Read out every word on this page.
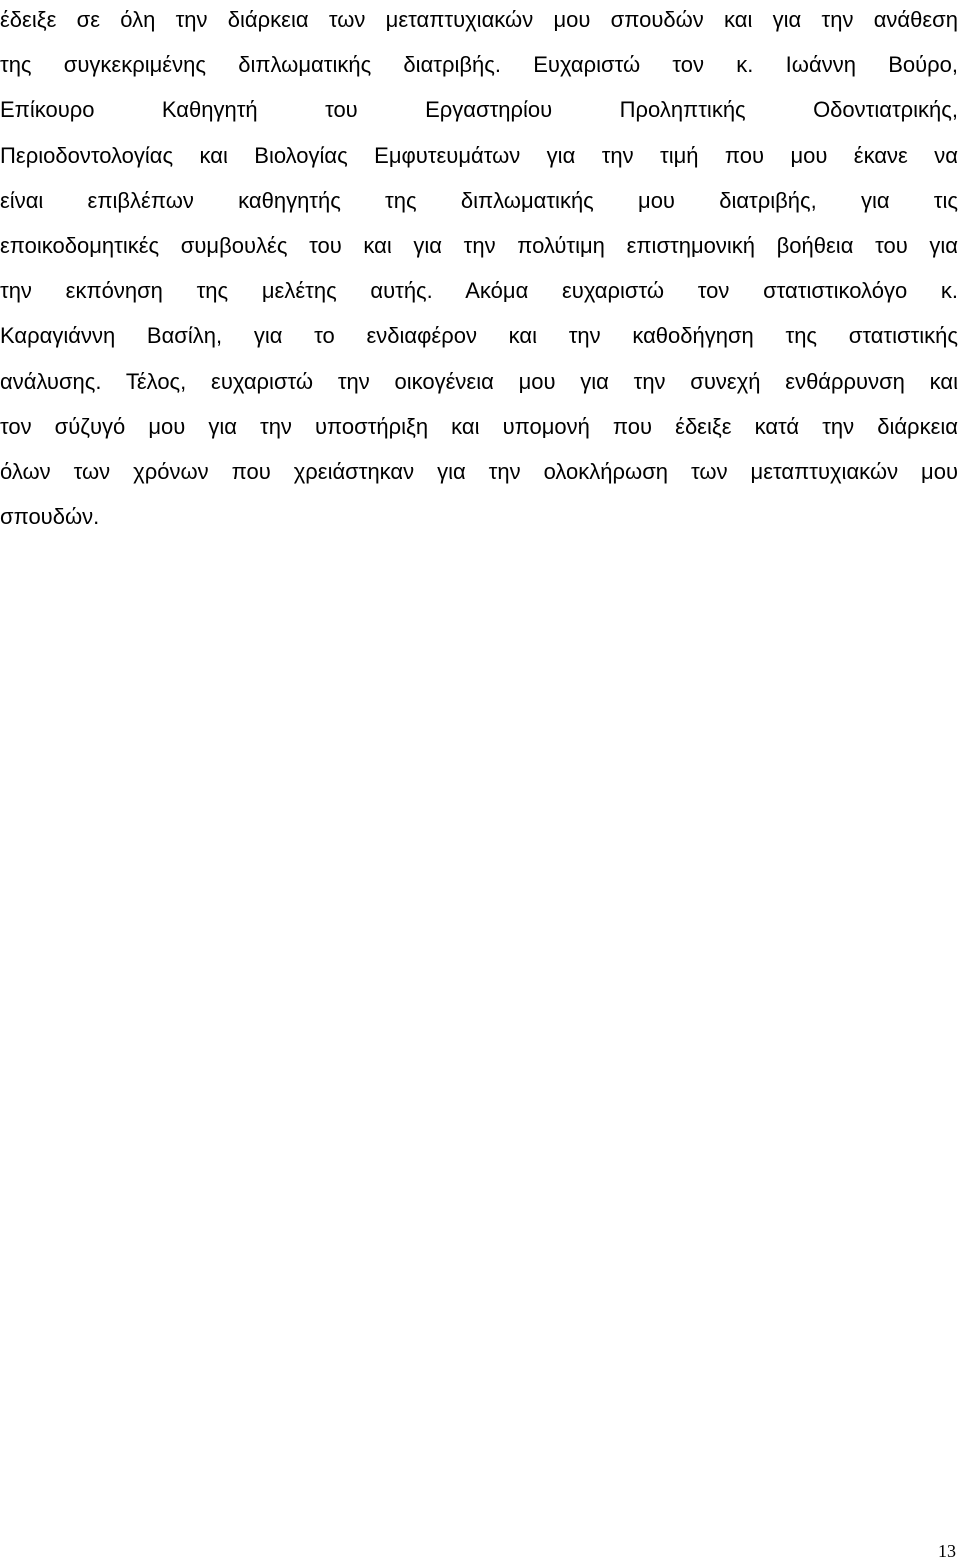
έδειξε σε όλη την διάρκεια των μεταπτυχιακών μου σπουδών και για την ανάθεση
της συγκεκριμένης διπλωματικής διατριβής. Ευχαριστώ τον κ. Ιωάννη Βούρο,
Επίκουρο Καθηγητή του Εργαστηρίου Προληπτικής Οδοντιατρικής,
Περιοδοντολογίας και Βιολογίας Εμφυτευμάτων για την τιμή που μου έκανε να
είναι επιβλέπων καθηγητής της διπλωματικής μου διατριβής, για τις
εποικοδομητικές συμβουλές του και για την πολύτιμη επιστημονική βοήθεια του για
την εκπόνηση της μελέτης αυτής. Ακόμα ευχαριστώ τον στατιστικολόγο κ.
Καραγιάννη Βασίλη, για το ενδιαφέρον και την καθοδήγηση της στατιστικής
ανάλυσης. Τέλος, ευχαριστώ την οικογένεια μου για την συνεχή ενθάρρυνση και
τον σύζυγό μου για την υποστήριξη και υπομονή που έδειξε κατά την διάρκεια
όλων των χρόνων που χρειάστηκαν για την ολοκλήρωση των μεταπτυχιακών μου
σπουδών.
13
